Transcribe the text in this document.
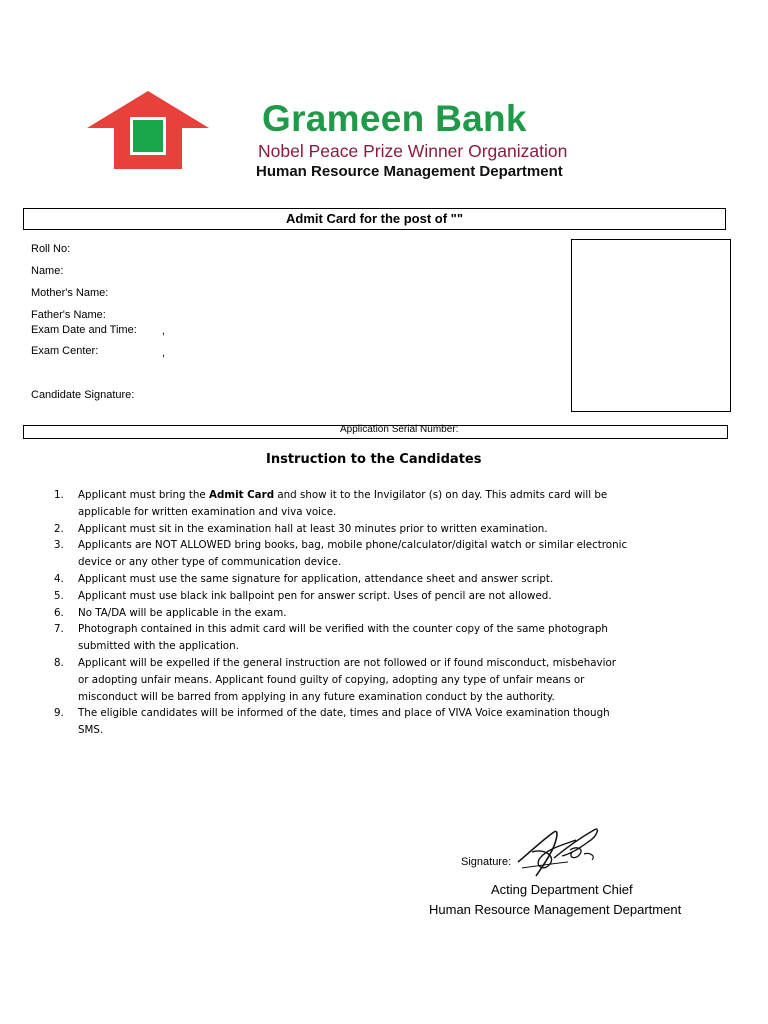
Grameen Bank
Nobel Peace Prize Winner Organization
Human Resource Management Department
Admit Card for the post of ""
Roll No:
Name:
Mother's Name:
Father's Name:
Exam Date and Time: ,
Exam Center:	,
Candidate Signature:
Application Serial Number:
Instruction to the Candidates
1. Applicant must bring the Admit Card and show it to the Invigilator (s) on day. This admits card will be applicable for written examination and viva voice.
2. Applicant must sit in the examination hall at least 30 minutes prior to written examination.
3. Applicants are NOT ALLOWED bring books, bag, mobile phone/calculator/digital watch or similar electronic device or any other type of communication device.
4. Applicant must use the same signature for application, attendance sheet and answer script.
5. Applicant must use black ink ballpoint pen for answer script. Uses of pencil are not allowed.
6. No TA/DA will be applicable in the exam.
7. Photograph contained in this admit card will be verified with the counter copy of the same photograph submitted with the application.
8. Applicant will be expelled if the general instruction are not followed or if found misconduct, misbehavior or adopting unfair means. Applicant found guilty of copying, adopting any type of unfair means or misconduct will be barred from applying in any future examination conduct by the authority.
9. The eligible candidates will be informed of the date, times and place of VIVA Voice examination though SMS.
Signature:
Acting Department Chief
Human Resource Management Department
